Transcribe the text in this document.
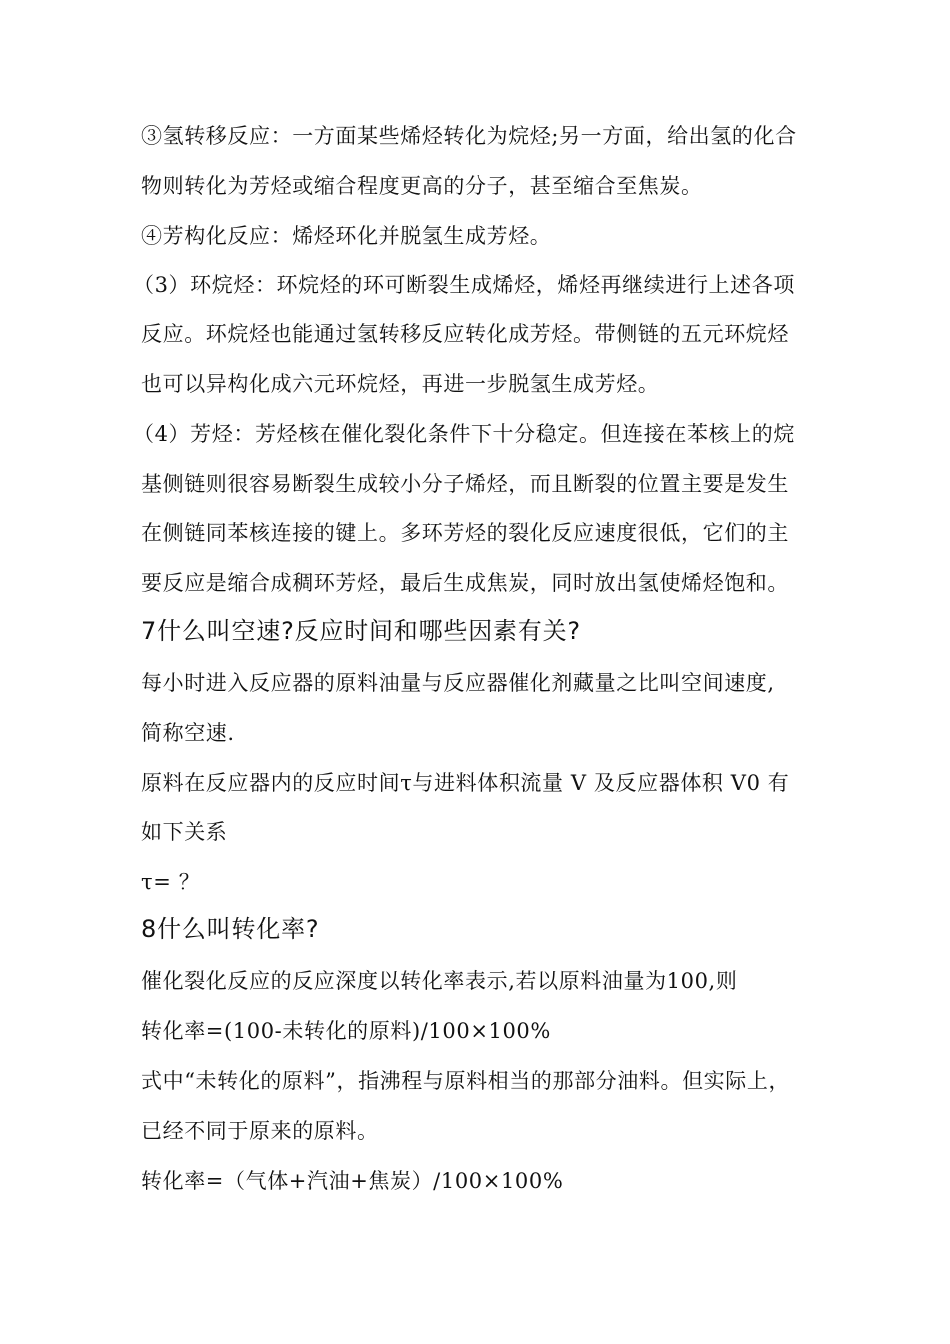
③氢转移反应：一方面某些烯烃转化为烷烃;另一方面，给出氢的化合
物则转化为芳烃或缩合程度更高的分子，甚至缩合至焦炭。
④芳构化反应：烯烃环化并脱氢生成芳烃。
（3）环烷烃：环烷烃的环可断裂生成烯烃，烯烃再继续进行上述各项
反应。环烷烃也能通过氢转移反应转化成芳烃。带侧链的五元环烷烃
也可以异构化成六元环烷烃，再进一步脱氢生成芳烃。
（4）芳烃：芳烃核在催化裂化条件下十分稳定。但连接在苯核上的烷
基侧链则很容易断裂生成较小分子烯烃，而且断裂的位置主要是发生
在侧链同苯核连接的键上。多环芳烃的裂化反应速度很低，它们的主
要反应是缩合成稠环芳烃，最后生成焦炭，同时放出氢使烯烃饱和。
7什么叫空速?反应时间和哪些因素有关?
每小时进入反应器的原料油量与反应器催化剂藏量之比叫空间速度,
简称空速.
原料在反应器内的反应时间τ与进料体积流量 V 及反应器体积 V0 有
如下关系
τ= ？
8什么叫转化率?
催化裂化反应的反应深度以转化率表示,若以原料油量为100,则
转化率=(100-未转化的原料)/100×100%
式中“未转化的原料”，指沸程与原料相当的那部分油料。但实际上，
已经不同于原来的原料。
转化率=（气体+汽油+焦炭）/100×100%
